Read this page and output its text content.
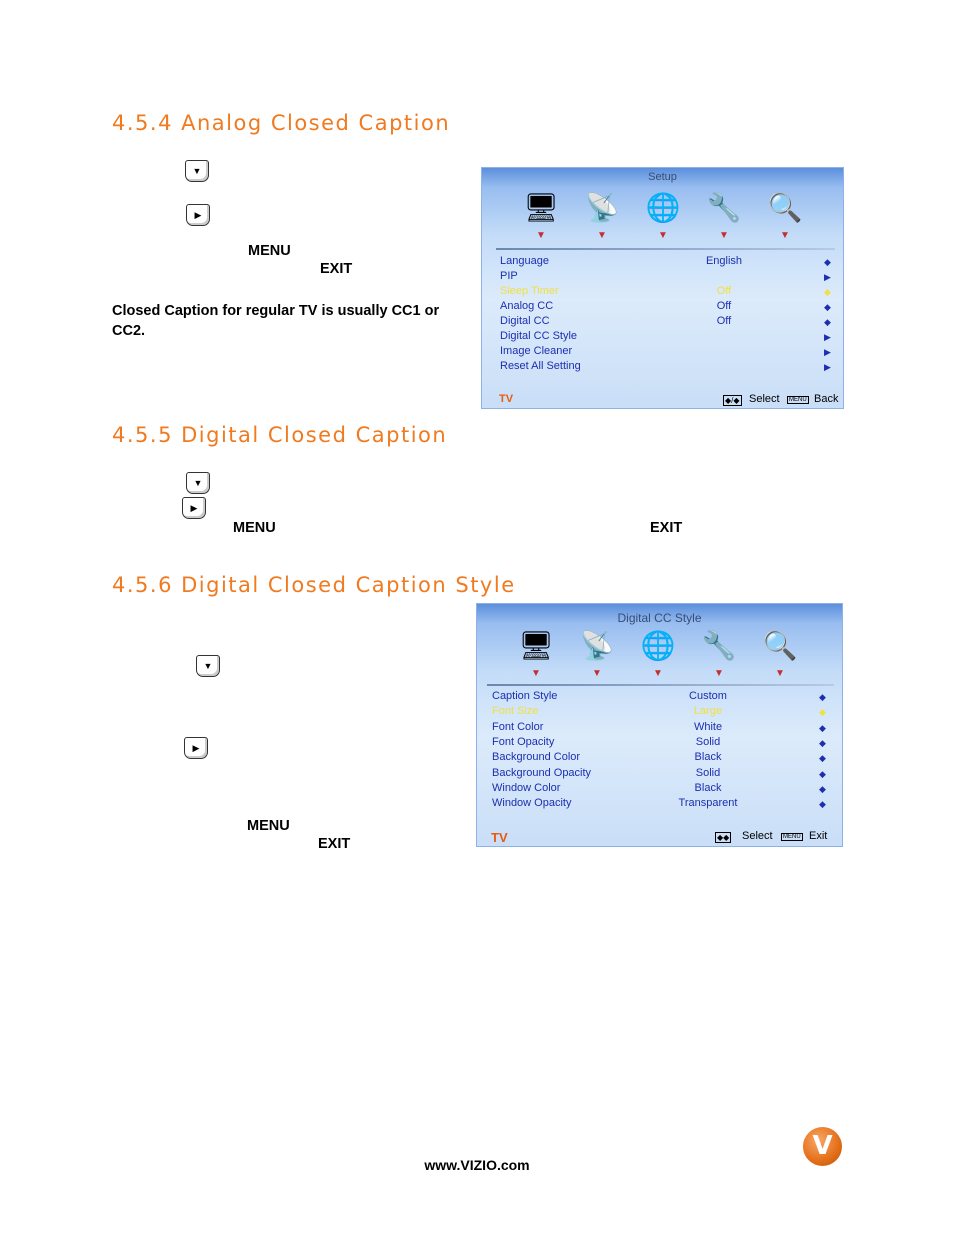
4.5.4 Analog Closed Caption
▼
▶
MENU
EXIT
Closed Caption for regular TV is usually CC1 or CC2.
Setup
🖥
▼
📡
▼
🌐
▼
🔧
▼
🔍
▼
Language	English	◆
PIP	▶
Sleep Timer	Off	◆
Analog CC	Off	◆
Digital CC	Off	◆
Digital CC Style	▶
Image Cleaner	▶
Reset All Setting	▶
TV	◆/◆ Select	MENU Back
4.5.5 Digital Closed Caption
▼
▶
MENU	EXIT
4.5.6 Digital Closed Caption Style
▼
▶
MENU
EXIT
Digital CC Style
🖥
▼
📡
▼
🌐
▼
🔧
▼
🔍
▼
Caption Style	Custom	◆
Font Size	Large	◆
Font Color	White	◆
Font Opacity	Solid	◆
Background Color	Black	◆
Background Opacity	Solid	◆
Window Color	Black	◆
Window Opacity	Transparent	◆
TV	◆◆ Select	MENU Exit
V
www.VIZIO.com
